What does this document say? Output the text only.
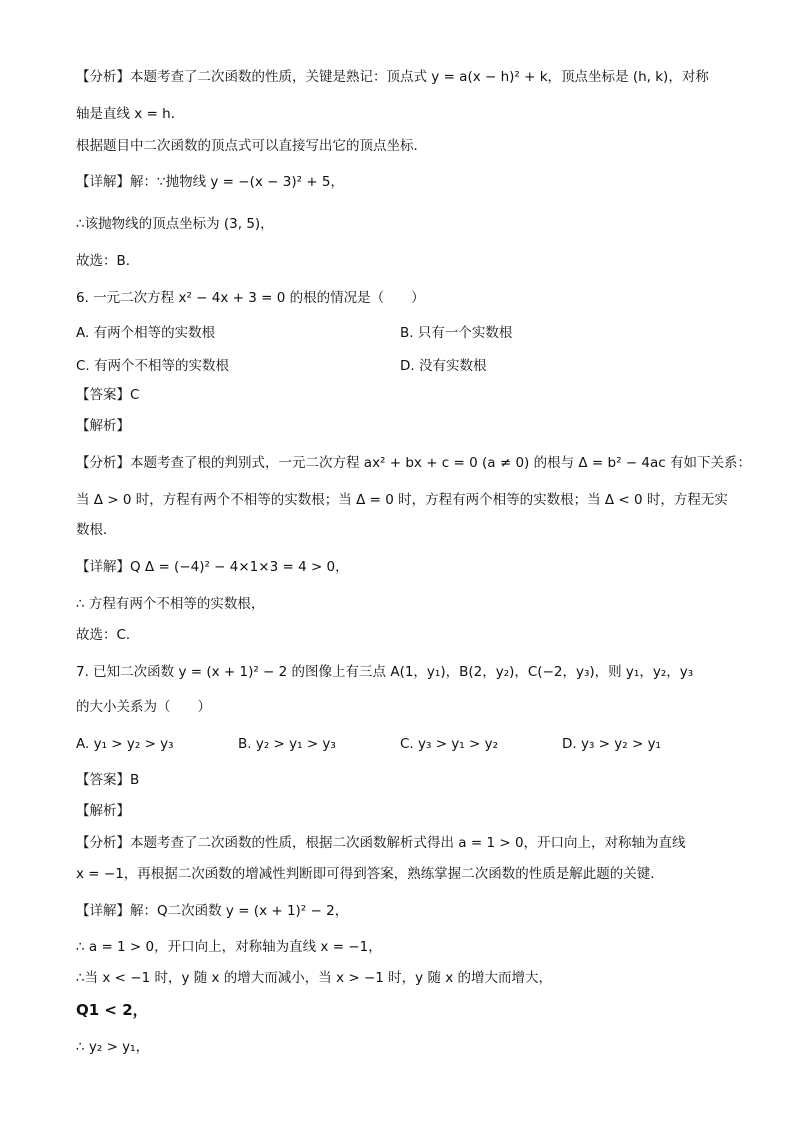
【分析】本题考查了二次函数的性质，关键是熟记：顶点式 y = a(x − h)² + k，顶点坐标是 (h, k)，对称
轴是直线 x = h．
根据题目中二次函数的顶点式可以直接写出它的顶点坐标．
【详解】解：∵抛物线 y = −(x − 3)² + 5，
∴该抛物线的顶点坐标为 (3, 5)，
故选：B．
6. 一元二次方程 x² − 4x + 3 = 0 的根的情况是（　　）
A. 有两个相等的实数根	B. 只有一个实数根
C. 有两个不相等的实数根	D. 没有实数根
【答案】C
【解析】
【分析】本题考查了根的判别式，一元二次方程 ax² + bx + c = 0 (a ≠ 0) 的根与 Δ = b² − 4ac 有如下关系：
当 Δ > 0 时，方程有两个不相等的实数根；当 Δ = 0 时，方程有两个相等的实数根；当 Δ < 0 时，方程无实
数根．
【详解】Q Δ = (−4)² − 4×1×3 = 4 > 0，
∴ 方程有两个不相等的实数根，
故选：C．
7. 已知二次函数 y = (x + 1)² − 2 的图像上有三点 A(1，y₁)，B(2，y₂)，C(−2，y₃)，则 y₁，y₂，y₃
的大小关系为（　　）
A. y₁ > y₂ > y₃	B. y₂ > y₁ > y₃	C. y₃ > y₁ > y₂	D. y₃ > y₂ > y₁
【答案】B
【解析】
【分析】本题考查了二次函数的性质，根据二次函数解析式得出 a = 1 > 0，开口向上，对称轴为直线
x = −1，再根据二次函数的增减性判断即可得到答案，熟练掌握二次函数的性质是解此题的关键．
【详解】解：Q二次函数 y = (x + 1)² − 2，
∴ a = 1 > 0，开口向上，对称轴为直线 x = −1，
∴当 x < −1 时，y 随 x 的增大而减小，当 x > −1 时，y 随 x 的增大而增大，
Q1 < 2，
∴ y₂ > y₁，
